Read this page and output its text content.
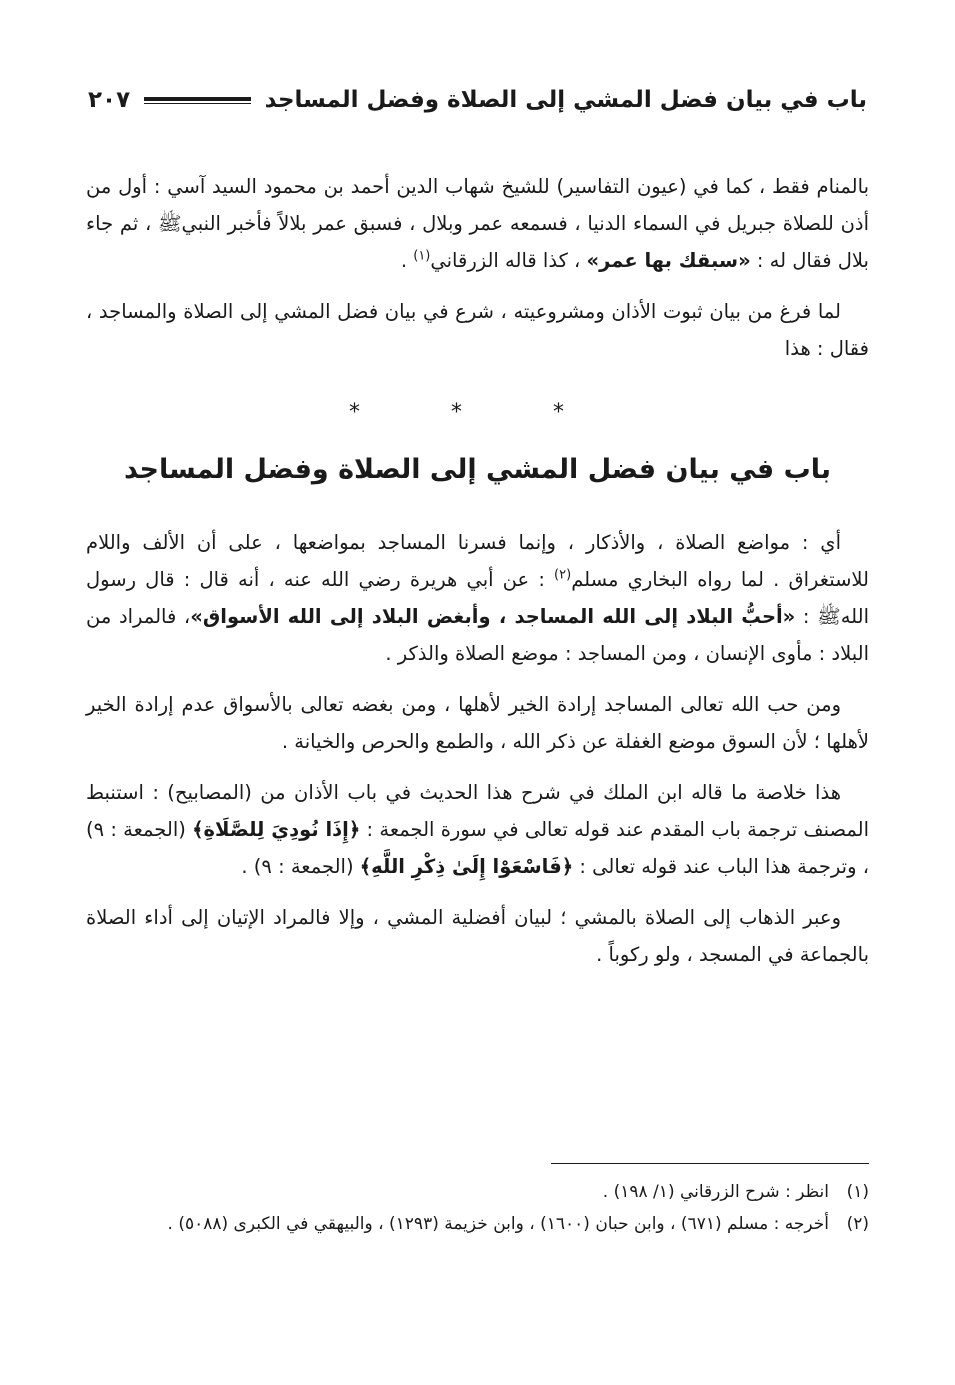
باب في بيان فضل المشي إلى الصلاة وفضل المساجد
٢٠٧

بالمنام فقط ، كما في (عيون التفاسير) للشيخ شهاب الدين أحمد بن محمود السيد آسي : أول من أذن للصلاة جبريل في السماء الدنيا ، فسمعه عمر وبلال ، فسبق عمر بلالاً فأخبر النبيﷺ ، ثم جاء بلال فقال له : «سبقك بها عمر» ، كذا قاله الزرقاني$^{(١)}$ .

لما فرغ من بيان ثبوت الأذان ومشروعيته ، شرع في بيان فضل المشي إلى الصلاة والمساجد ، فقال : هذا

* * *
باب في بيان فضل المشي إلى الصلاة وفضل المساجد

أي : مواضع الصلاة ، والأذكار ، وإنما فسرنا المساجد بمواضعها ، على أن الألف واللام للاستغراق . لما رواه البخاري مسلم$^{(٢)}$ : عن أبي هريرة رضي الله عنه ، أنه قال : قال رسول اللهﷺ : «أحبُّ البلاد إلى الله المساجد ، وأبغض البلاد إلى الله الأسواق»، فالمراد من البلاد : مأوى الإنسان ، ومن المساجد : موضع الصلاة والذكر .

ومن حب الله تعالى المساجد إرادة الخير لأهلها ، ومن بغضه تعالى بالأسواق عدم إرادة الخير لأهلها ؛ لأن السوق موضع الغفلة عن ذكر الله ، والطمع والحرص والخيانة .

هذا خلاصة ما قاله ابن الملك في شرح هذا الحديث في باب الأذان من (المصابيح) : استنبط المصنف ترجمة باب المقدم عند قوله تعالى في سورة الجمعة : ﴿إِذَا نُودِيَ لِلصَّلَاةِ﴾ (الجمعة : ٩) ، وترجمة هذا الباب عند قوله تعالى : ﴿فَاسْعَوْا إِلَىٰ ذِكْرِ اللَّهِ﴾ (الجمعة : ٩) .

وعبر الذهاب إلى الصلاة بالمشي ؛ لبيان أفضلية المشي ، وإلا فالمراد الإتيان إلى أداء الصلاة بالجماعة في المسجد ، ولو ركوباً .

(١)
انظر : شرح الزرقاني (١/ ١٩٨) .
(٢)
أخرجه : مسلم (٦٧١) ، وابن حبان (١٦٠٠) ، وابن خزيمة (١٢٩٣) ، والبيهقي في الكبرى (٥٠٨٨) .
